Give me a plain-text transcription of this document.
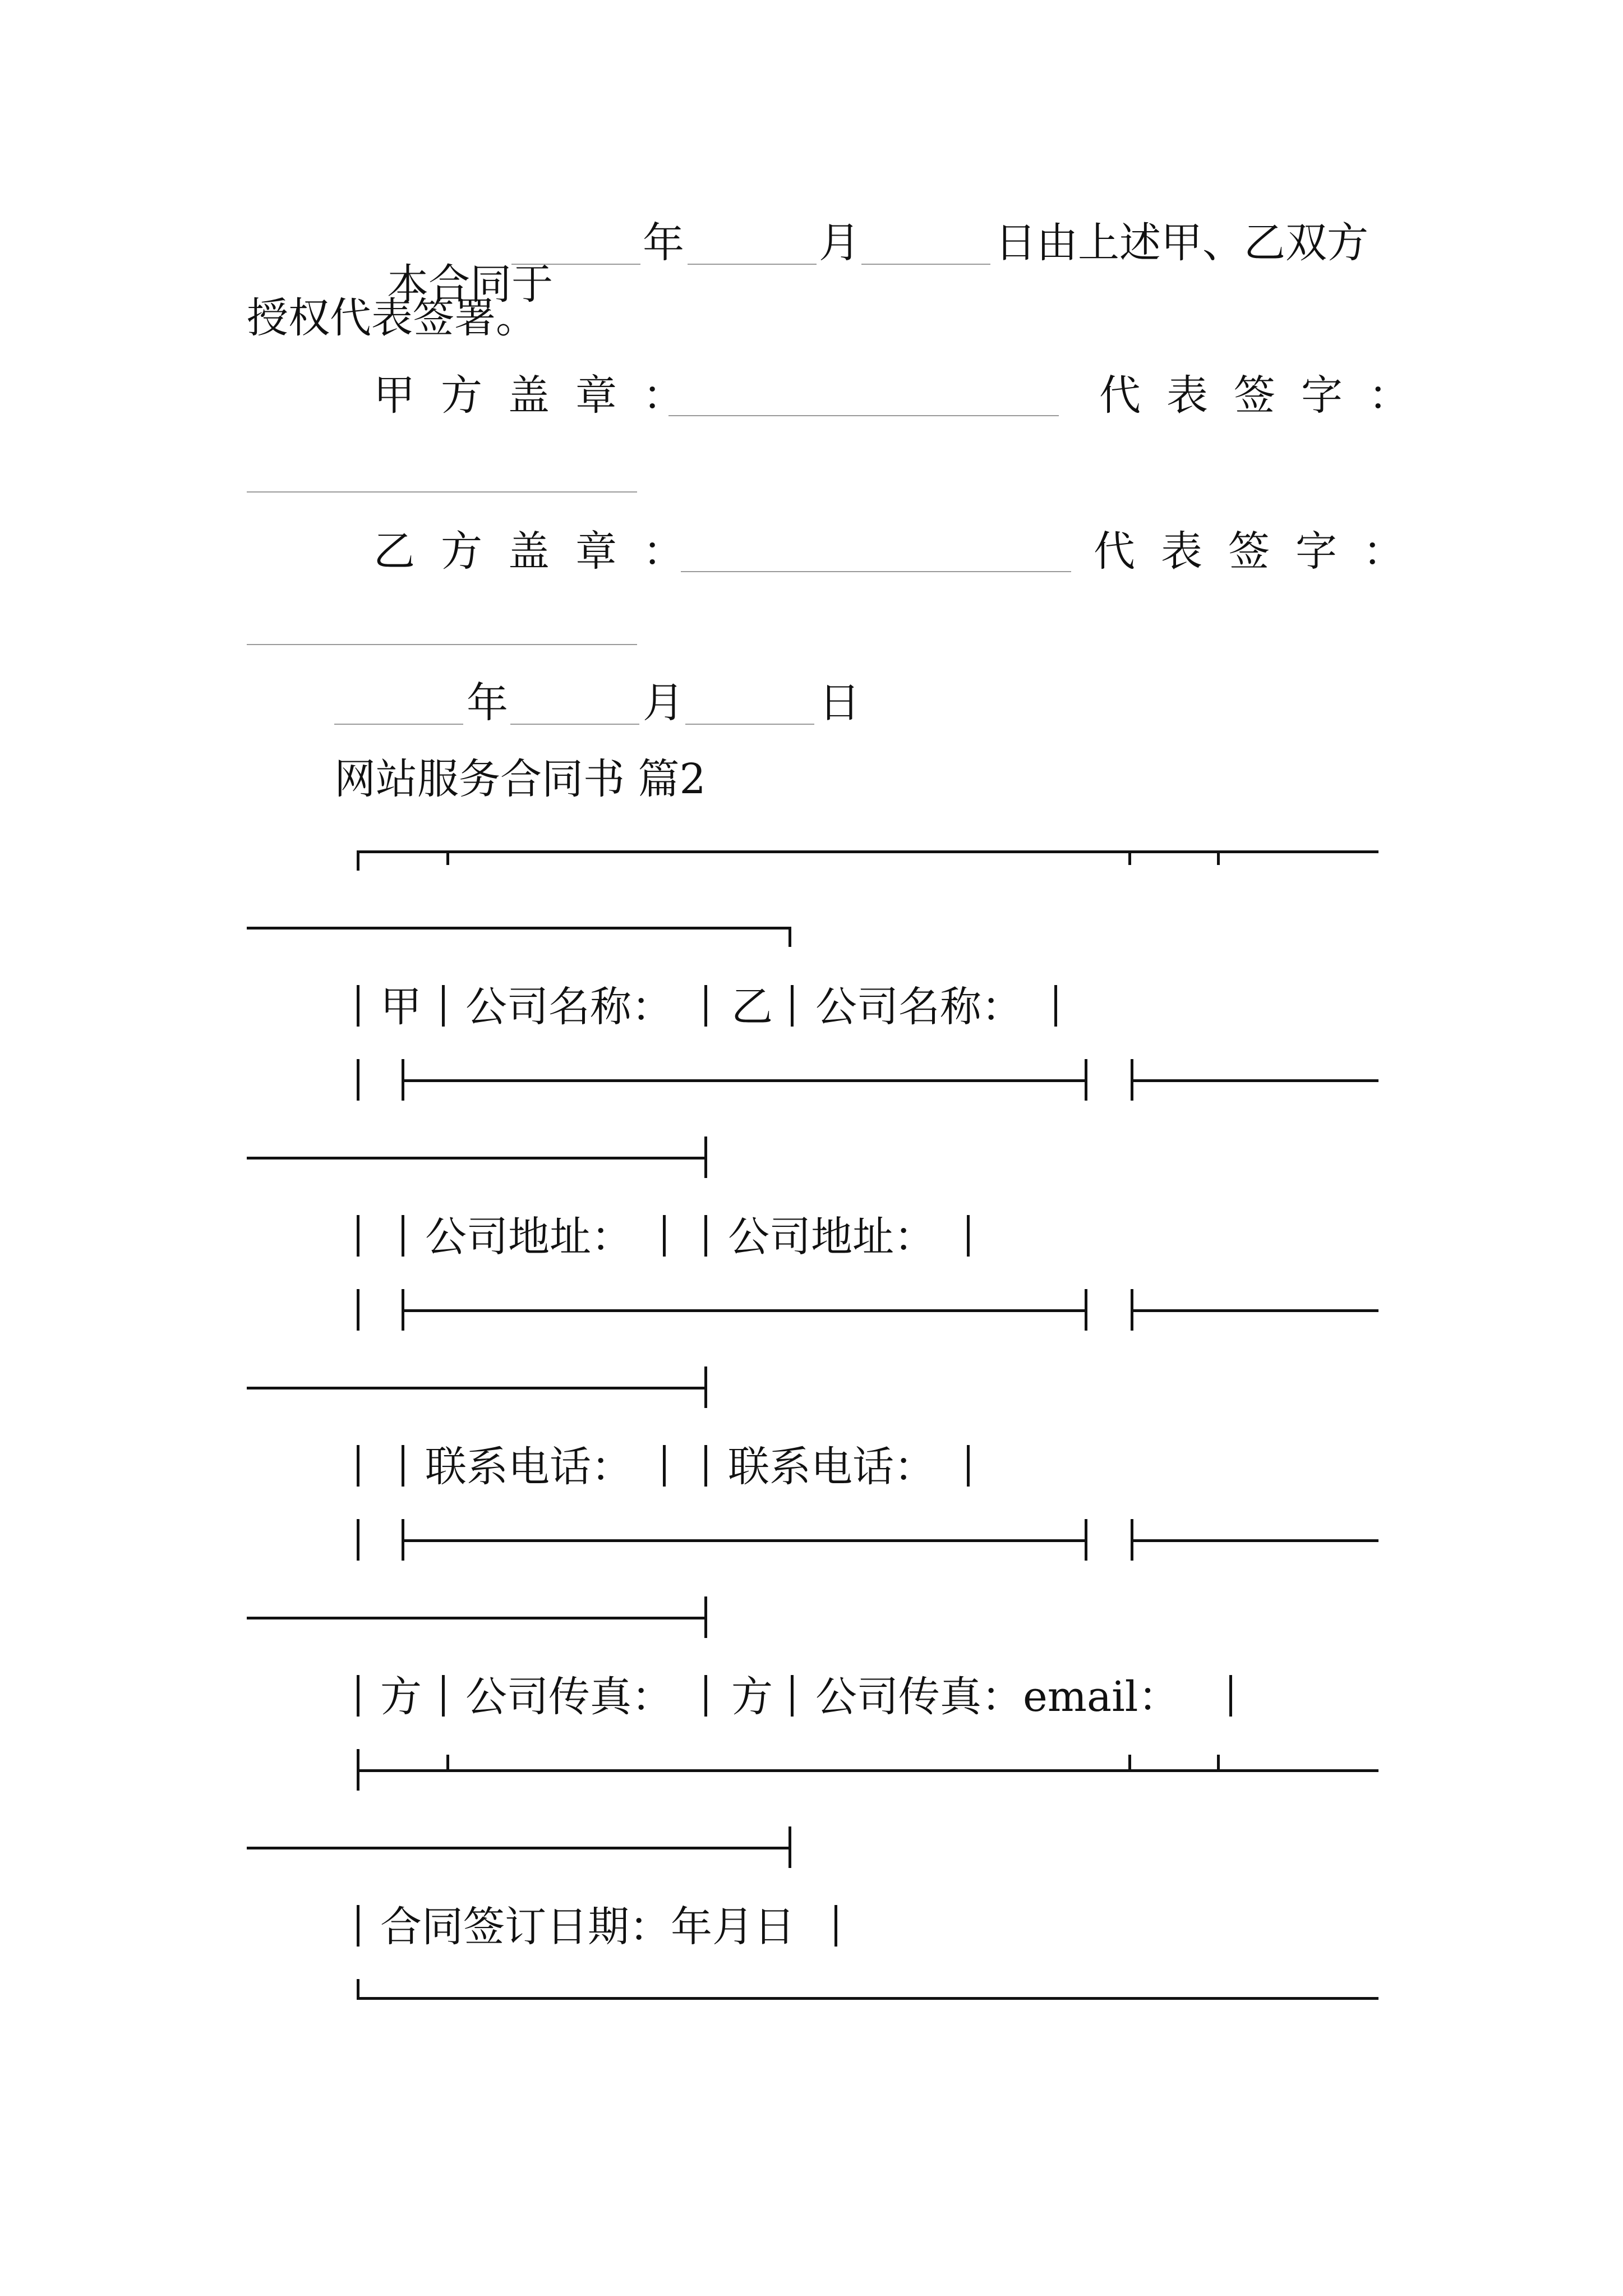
本合同于

年	月	日由上述甲、乙双方
授权代表签署。
甲方盖章：	代表签字：
乙方盖章：	代表签字：
年	月	日
网站服务合同书 篇2
甲 公司名称： 乙 公司名称：
公司地址： 公司地址：
联系电话： 联系电话：
方 公司传真： 方 公司传真：email：
合同签订日期：年月日
